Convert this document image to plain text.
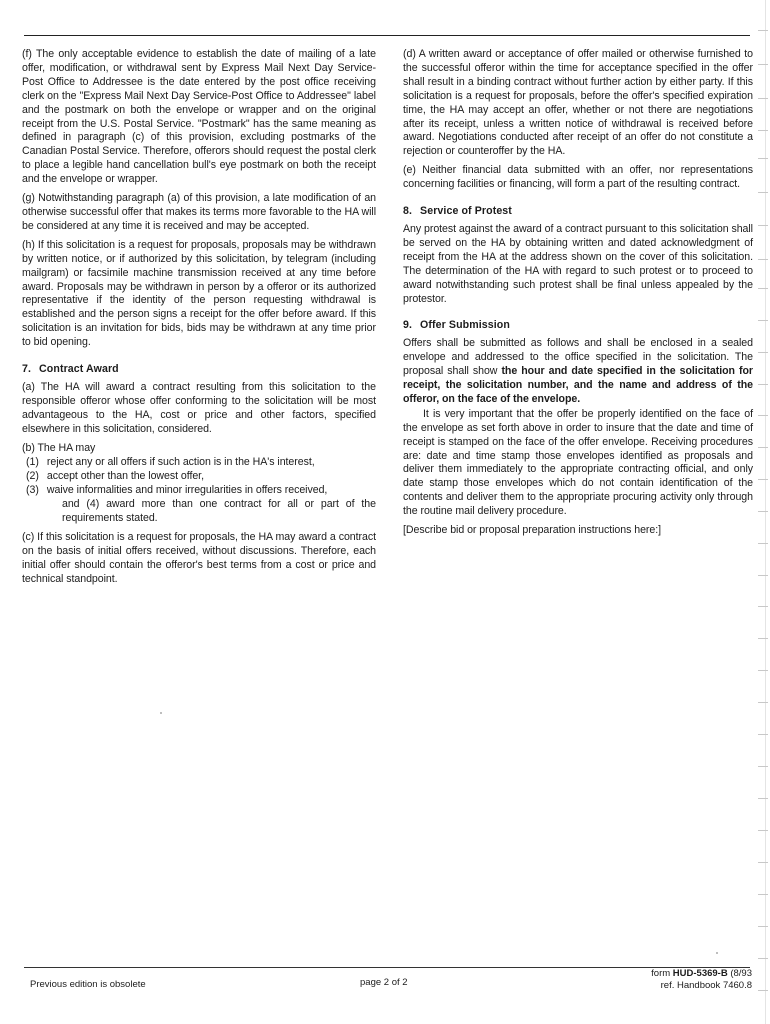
(f) The only acceptable evidence to establish the date of mailing of a late offer, modification, or withdrawal sent by Express Mail Next Day Service-Post Office to Addressee is the date entered by the post office receiving clerk on the "Express Mail Next Day Service-Post Office to Addressee" label and the postmark on both the envelope or wrapper and on the original receipt from the U.S. Postal Service. "Postmark" has the same meaning as defined in paragraph (c) of this provision, excluding postmarks of the Canadian Postal Service. Therefore, offerors should request the postal clerk to place a legible hand cancellation bull's eye postmark on both the receipt and the envelope or wrapper.

(g) Notwithstanding paragraph (a) of this provision, a late modification of an otherwise successful offer that makes its terms more favorable to the HA will be considered at any time it is received and may be accepted.

(h) If this solicitation is a request for proposals, proposals may be withdrawn by written notice, or if authorized by this solicitation, by telegram (including mailgram) or facsimile machine transmission received at any time before award. Proposals may be withdrawn in person by a offeror or its authorized representative if the identity of the person requesting withdrawal is established and the person signs a receipt for the offer before award. If this solicitation is an invitation for bids, bids may be withdrawn at any time prior to bid opening.

7. Contract Award

(a) The HA will award a contract resulting from this solicitation to the responsible offeror whose offer conforming to the solicitation will be most advantageous to the HA, cost or price and other factors, specified elsewhere in this solicitation, considered.

(b) The HA may

(1) reject any or all offers if such action is in the HA's interest,
(2) accept other than the lowest offer,
(3) waive informalities and minor irregularities in offers received,
and (4) award more than one contract for all or part of the requirements stated.

(c) If this solicitation is a request for proposals, the HA may award a contract on the basis of initial offers received, without discussions. Therefore, each initial offer should contain the offeror's best terms from a cost or price and technical standpoint.

(d) A written award or acceptance of offer mailed or otherwise furnished to the successful offeror within the time for acceptance specified in the offer shall result in a binding contract without further action by either party. If this solicitation is a request for proposals, before the offer's specified expiration time, the HA may accept an offer, whether or not there are negotiations after its receipt, unless a written notice of withdrawal is received before award. Negotiations conducted after receipt of an offer do not constitute a rejection or counteroffer by the HA.

(e) Neither financial data submitted with an offer, nor representations concerning facilities or financing, will form a part of the resulting contract.

8. Service of Protest

Any protest against the award of a contract pursuant to this solicitation shall be served on the HA by obtaining written and dated acknowledgment of receipt from the HA at the address shown on the cover of this solicitation. The determination of the HA with regard to such protest or to proceed to award notwithstanding such protest shall be final unless appealed by the protestor.

9. Offer Submission

Offers shall be submitted as follows and shall be enclosed in a sealed envelope and addressed to the office specified in the solicitation. The proposal shall show the hour and date specified in the solicitation for receipt, the solicitation number, and the name and address of the offeror, on the face of the envelope.

It is very important that the offer be properly identified on the face of the envelope as set forth above in order to insure that the date and time of receipt is stamped on the face of the offer envelope. Receiving procedures are: date and time stamp those envelopes identified as proposals and deliver them immediately to the appropriate contracting official, and only date stamp those envelopes which do not contain identification of the contents and deliver them to the appropriate procuring activity only through the routine mail delivery procedure.

[Describe bid or proposal preparation instructions here:]

Previous edition is obsolete	page 2 of 2
form HUD-5369-B (8/93
ref. Handbook 7460.8
